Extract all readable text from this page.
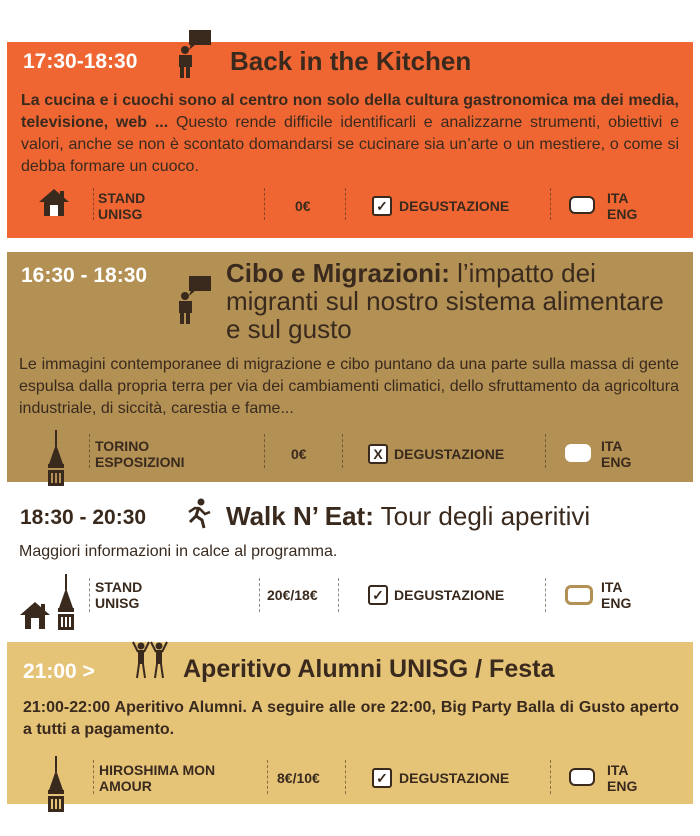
17:30-18:30	Back in the Kitchen
La cucina e i cuochi sono al centro non solo della cultura gastronomica ma dei media, televisione, web ... Questo rende difficile identificarli e analizzarne strumenti, obiettivi e valori, anche se non è scontato domandarsi se cucinare sia un’arte o un mestiere, o come si debba formare un cuoco.
STAND
UNISG	0€	✓ DEGUSTAZIONE	ITA
ENG
16:30 - 18:30	Cibo e Migrazioni: l’impatto dei migranti sul nostro sistema alimentare e sul gusto
Le immagini contemporanee di migrazione e cibo puntano da una parte sulla massa di gente espulsa dalla propria terra per via dei cambiamenti climatici, dello sfruttamento da agricoltura industriale, di siccità, carestia e fame...
TORINO
ESPOSIZIONI	0€	X DEGUSTAZIONE	ITA
ENG
18:30 - 20:30	Walk N’ Eat: Tour degli aperitivi
Maggiori informazioni in calce al programma.
STAND
UNISG	20€/18€	✓ DEGUSTAZIONE	ITA
ENG
21:00 >	Aperitivo Alumni UNISG / Festa
21:00-22:00 Aperitivo Alumni. A seguire alle ore 22:00, Big Party Balla di Gusto aperto a tutti a pagamento.
HIROSHIMA MON
AMOUR	8€/10€	✓ DEGUSTAZIONE	ITA
ENG
